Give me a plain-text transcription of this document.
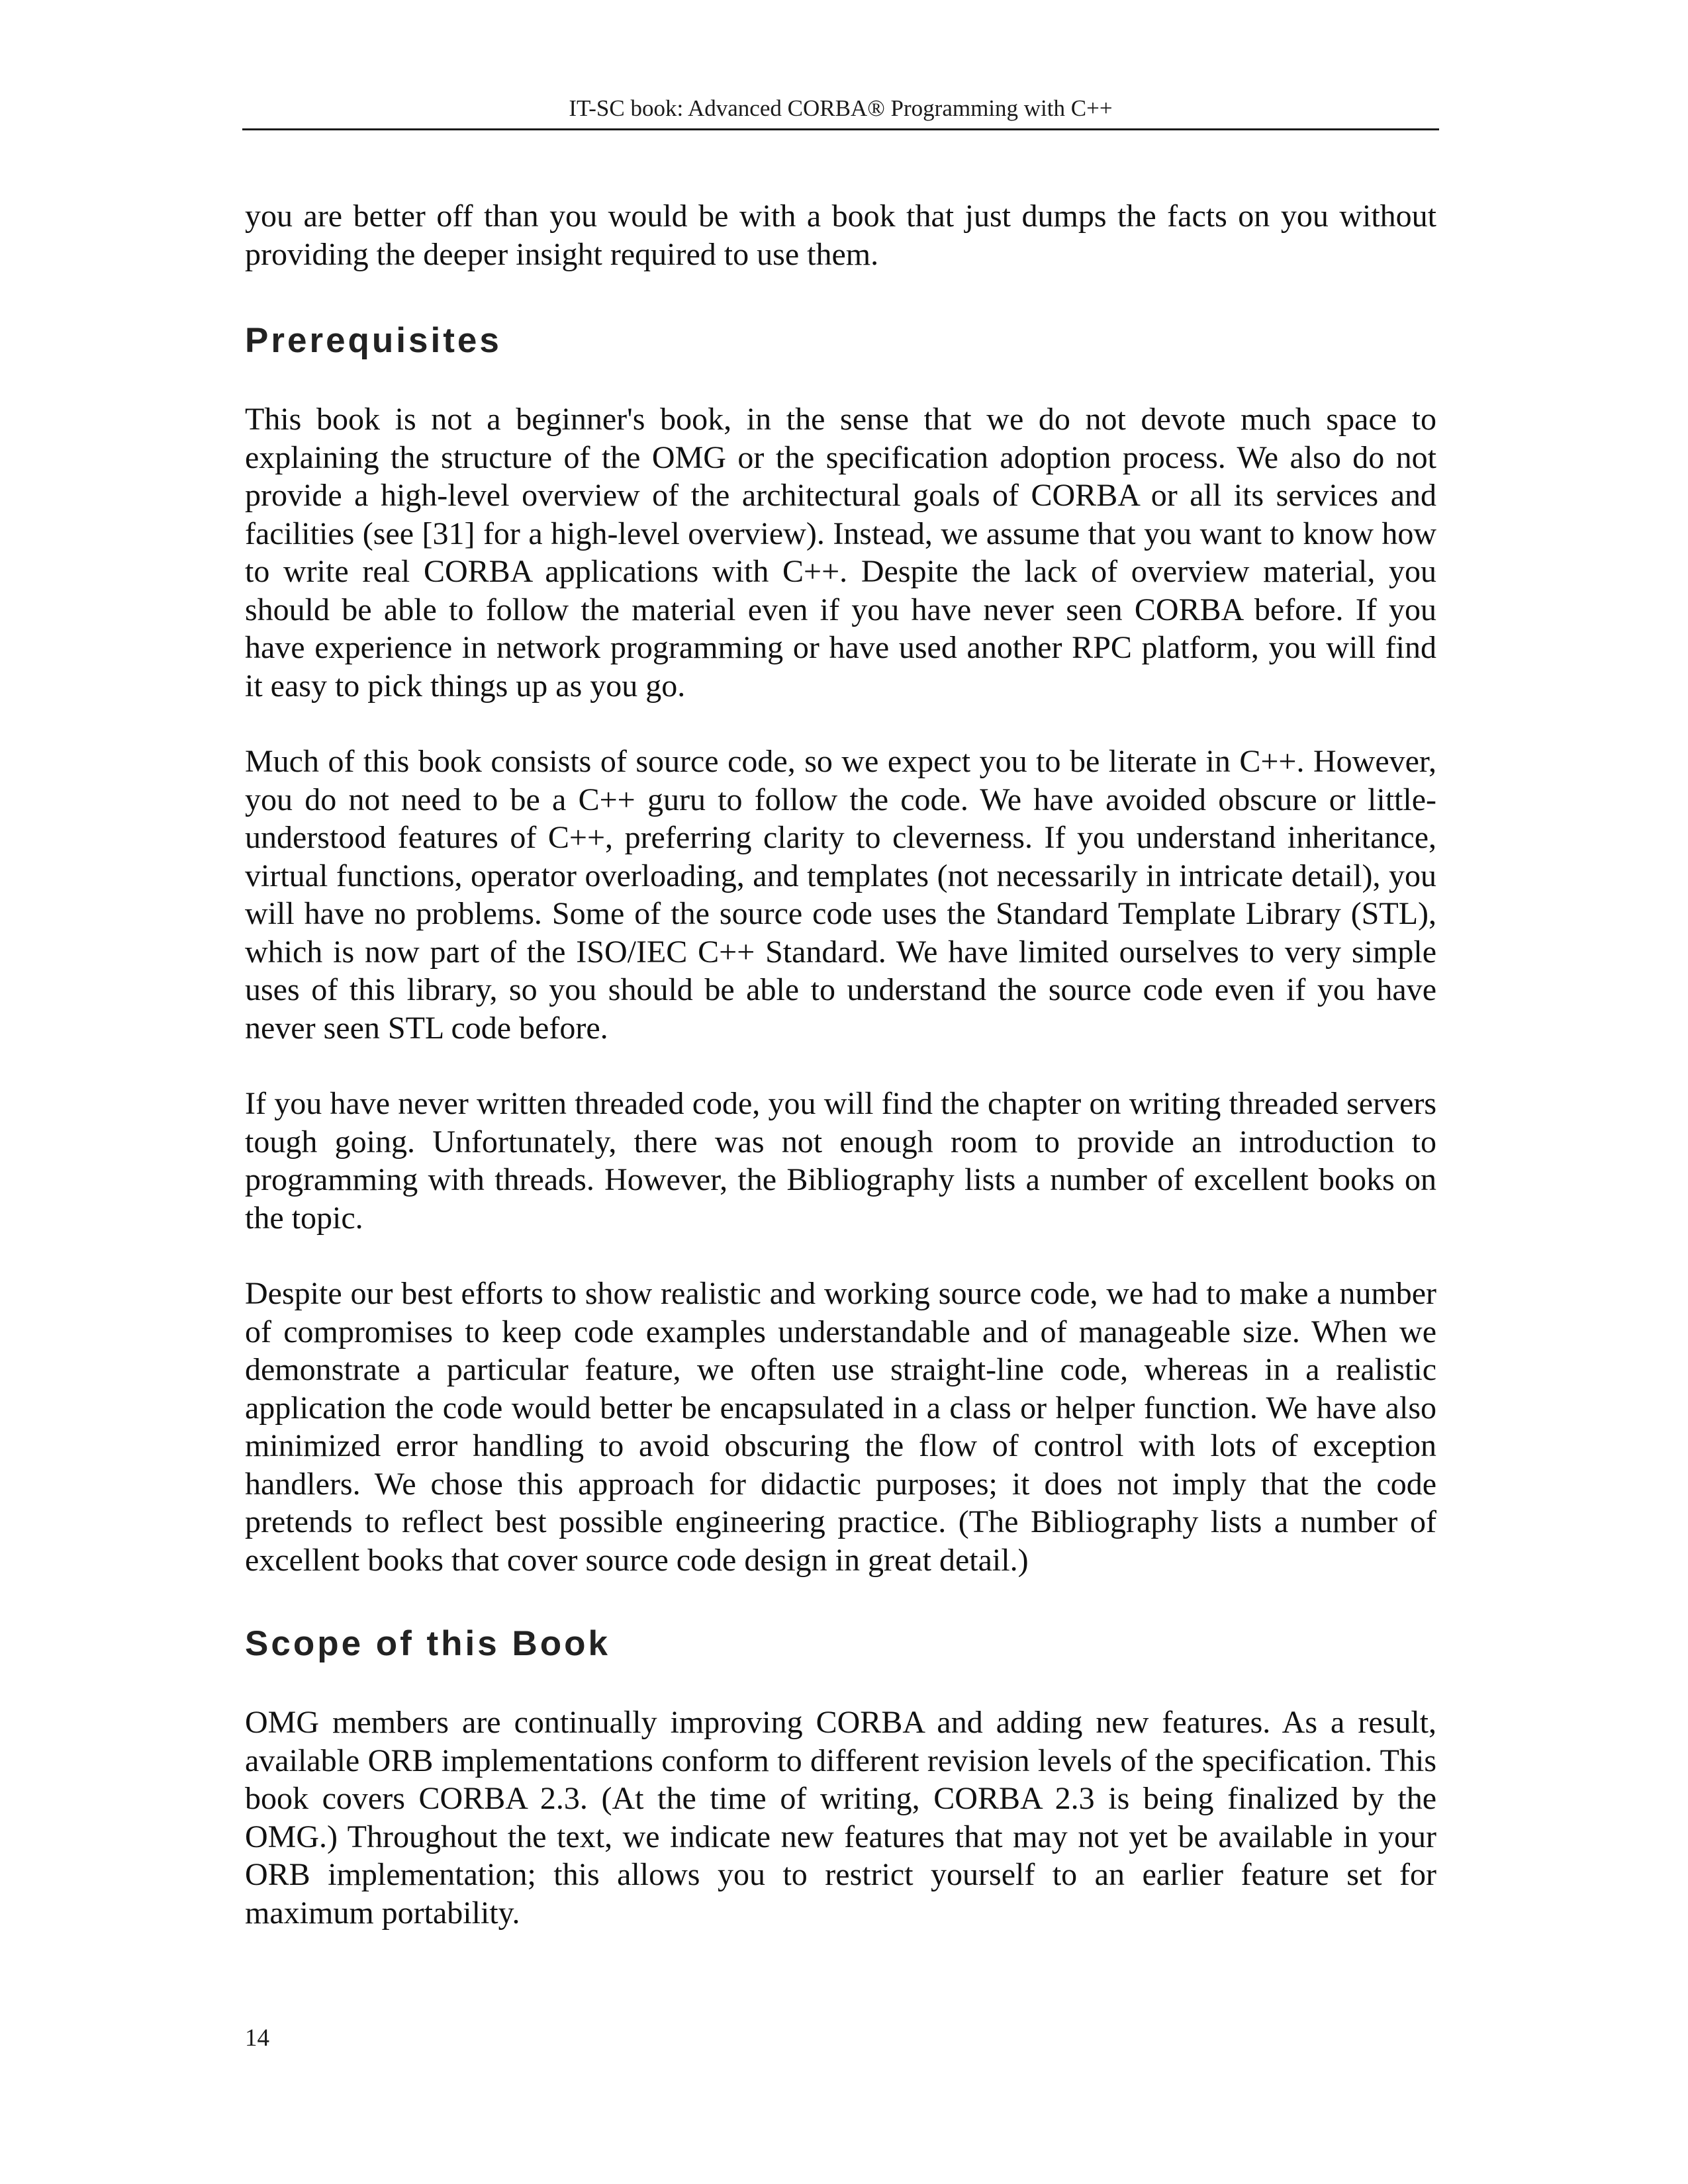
IT-SC book: Advanced CORBA® Programming with C++

you are better off than you would be with a book that just dumps the facts on you without providing the deeper insight required to use them.

Prerequisites

This book is not a beginner's book, in the sense that we do not devote much space to explaining the structure of the OMG or the specification adoption process. We also do not provide a high-level overview of the architectural goals of CORBA or all its services and facilities (see [31] for a high-level overview). Instead, we assume that you want to know how to write real CORBA applications with C++. Despite the lack of overview material, you should be able to follow the material even if you have never seen CORBA before. If you have experience in network programming or have used another RPC platform, you will find it easy to pick things up as you go.

Much of this book consists of source code, so we expect you to be literate in C++. However, you do not need to be a C++ guru to follow the code. We have avoided obscure or little-understood features of C++, preferring clarity to cleverness. If you understand inheritance, virtual functions, operator overloading, and templates (not necessarily in intricate detail), you will have no problems. Some of the source code uses the Standard Template Library (STL), which is now part of the ISO/IEC C++ Standard. We have limited ourselves to very simple uses of this library, so you should be able to understand the source code even if you have never seen STL code before.

If you have never written threaded code, you will find the chapter on writing threaded servers tough going. Unfortunately, there was not enough room to provide an introduction to programming with threads. However, the Bibliography lists a number of excellent books on the topic.

Despite our best efforts to show realistic and working source code, we had to make a number of compromises to keep code examples understandable and of manageable size. When we demonstrate a particular feature, we often use straight-line code, whereas in a realistic application the code would better be encapsulated in a class or helper function. We have also minimized error handling to avoid obscuring the flow of control with lots of exception handlers. We chose this approach for didactic purposes; it does not imply that the code pretends to reflect best possible engineering practice. (The Bibliography lists a number of excellent books that cover source code design in great detail.)

Scope of this Book

OMG members are continually improving CORBA and adding new features. As a result, available ORB implementations conform to different revision levels of the specification. This book covers CORBA 2.3. (At the time of writing, CORBA 2.3 is being finalized by the OMG.) Throughout the text, we indicate new features that may not yet be available in your ORB implementation; this allows you to restrict yourself to an earlier feature set for maximum portability.

14
